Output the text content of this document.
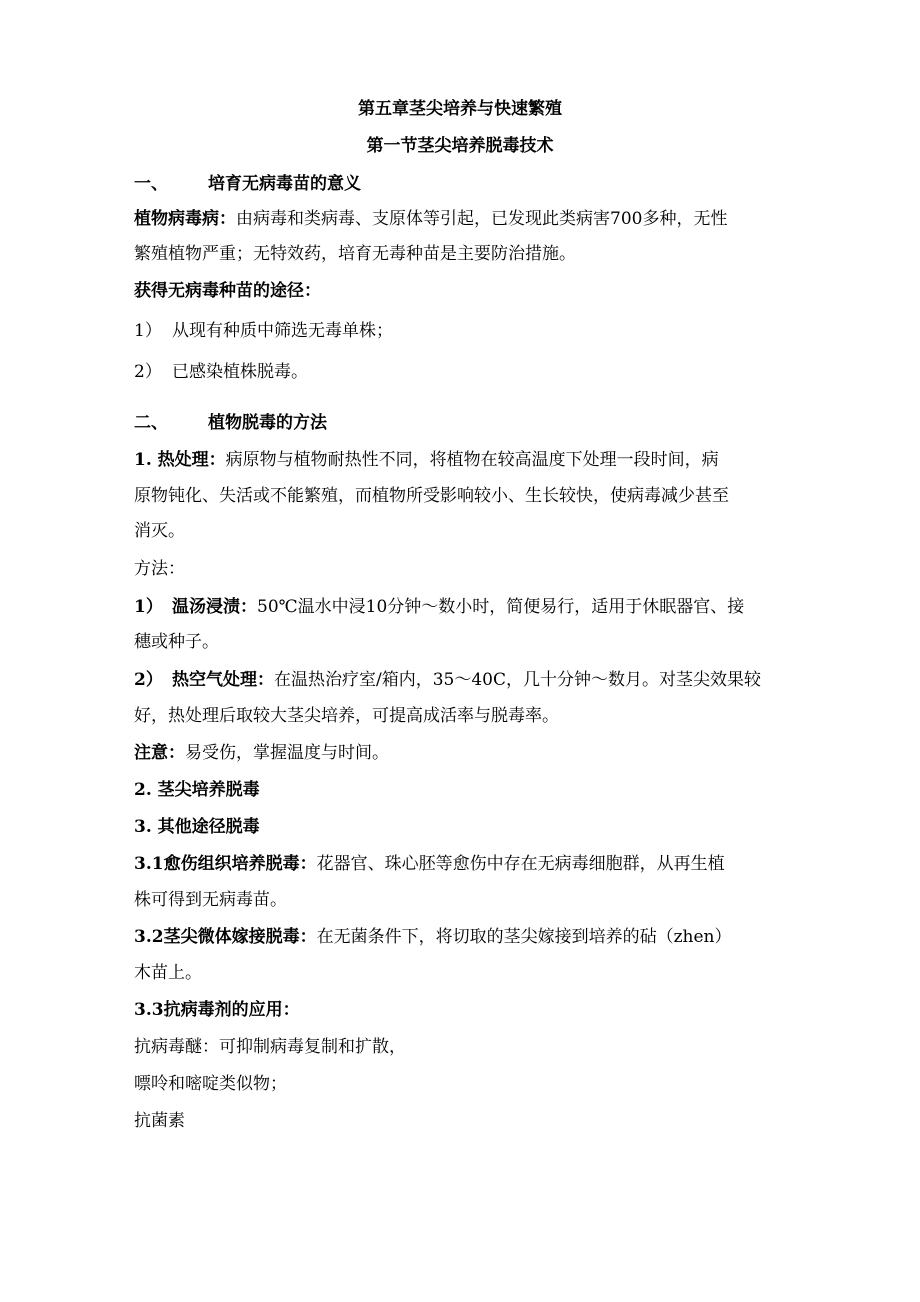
第五章茎尖培养与快速繁殖
第一节茎尖培养脱毒技术
一、 培育无病毒苗的意义
植物病毒病：由病毒和类病毒、支原体等引起，已发现此类病害700多种，无性
繁殖植物严重；无特效药，培育无毒种苗是主要防治措施。
获得无病毒种苗的途径：
1） 从现有种质中筛选无毒单株；
2） 已感染植株脱毒。
二、 植物脱毒的方法
1. 热处理：病原物与植物耐热性不同，将植物在较高温度下处理一段时间，病
原物钝化、失活或不能繁殖，而植物所受影响较小、生长较快，使病毒减少甚至
消灭。
方法：
1） 温汤浸渍：50℃温水中浸10分钟～数小时，简便易行，适用于休眠器官、接
穗或种子。
2） 热空气处理：在温热治疗室/箱内，35～40C，几十分钟～数月。对茎尖效果较
好，热处理后取较大茎尖培养，可提高成活率与脱毒率。
注意：易受伤，掌握温度与时间。
2. 茎尖培养脱毒
3. 其他途径脱毒
3.1愈伤组织培养脱毒：花器官、珠心胚等愈伤中存在无病毒细胞群，从再生植
株可得到无病毒苗。
3.2茎尖微体嫁接脱毒：在无菌条件下，将切取的茎尖嫁接到培养的砧（zhen）
木苗上。
3.3抗病毒剂的应用：
抗病毒醚：可抑制病毒复制和扩散，
嘌呤和嘧啶类似物；
抗菌素
